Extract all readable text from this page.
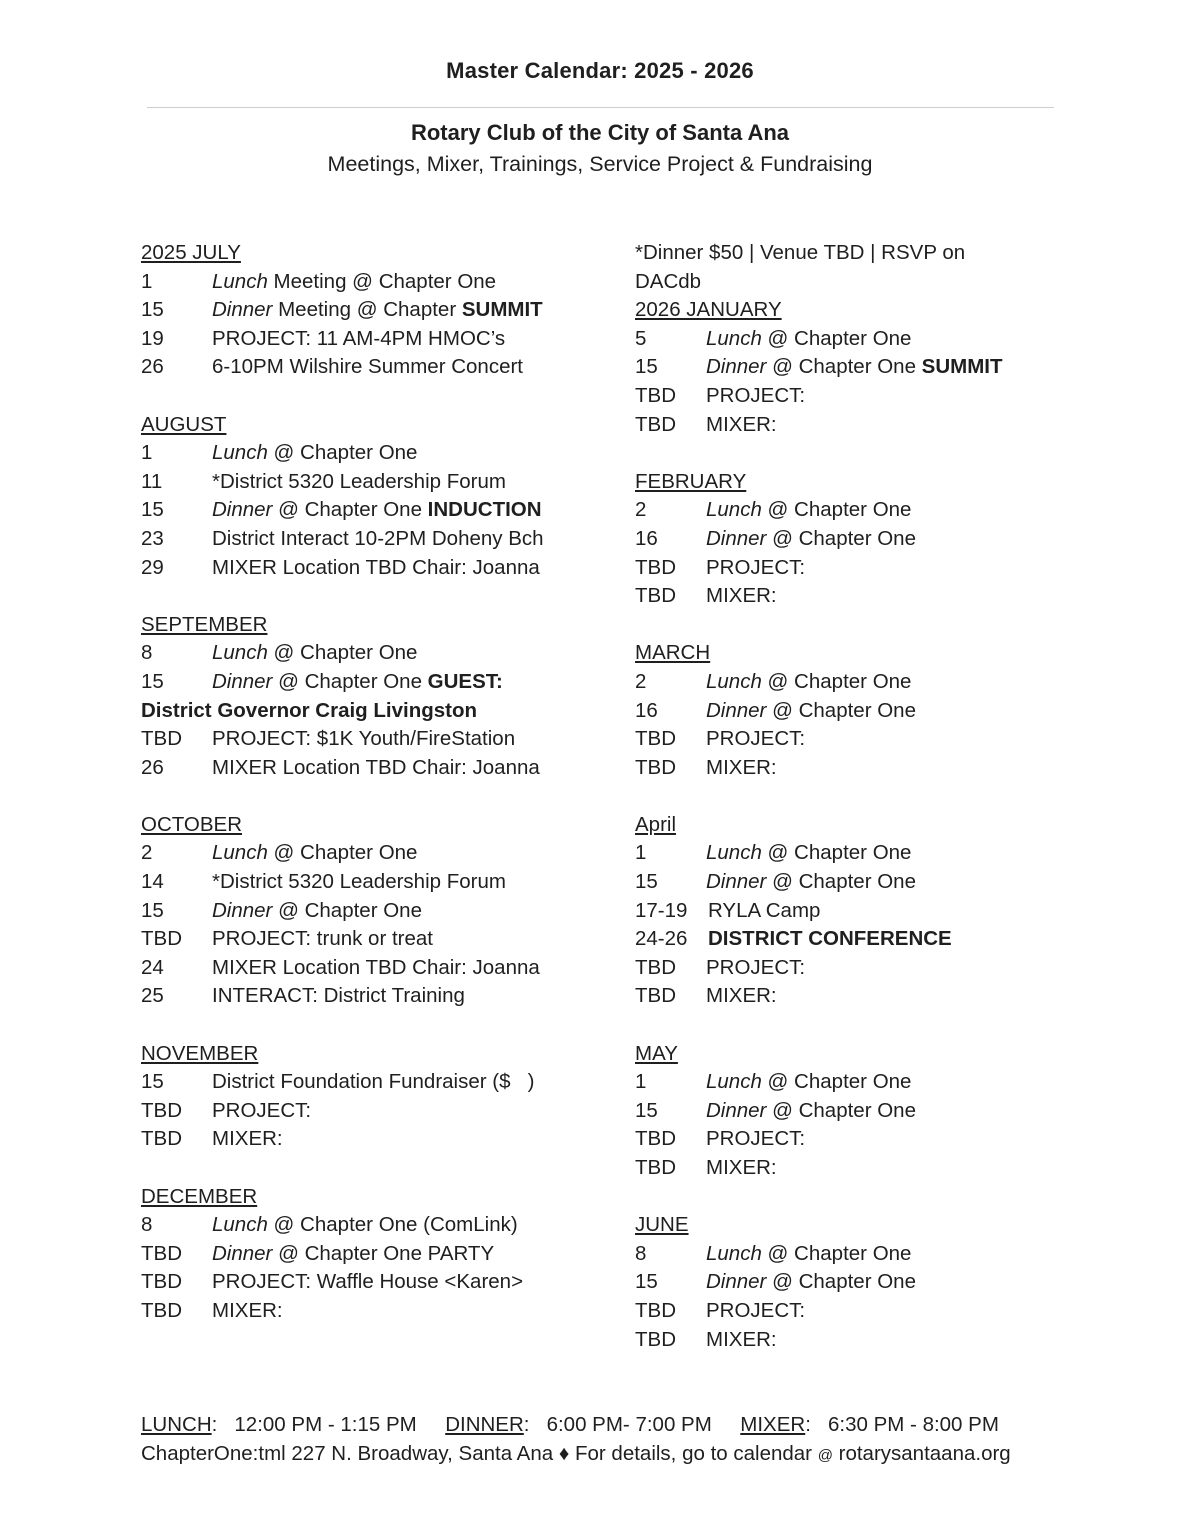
Master Calendar: 2025 - 2026
Rotary Club of the City of Santa Ana
Meetings, Mixer, Trainings, Service Project & Fundraising
2025 JULY
1	Lunch Meeting @ Chapter One
15 Dinner Meeting @ Chapter SUMMIT
19 PROJECT: 11 AM-4PM HMOC’s
26 6-10PM Wilshire Summer Concert
AUGUST
1	Lunch @ Chapter One
11 *District 5320 Leadership Forum
15 Dinner @ Chapter One INDUCTION
23 District Interact 10-2PM Doheny Bch
29 MIXER Location TBD Chair: Joanna
SEPTEMBER
8	Lunch @ Chapter One
15 Dinner @ Chapter One GUEST:
District Governor Craig Livingston
TBD PROJECT: $1K Youth/FireStation
26 MIXER Location TBD Chair: Joanna
OCTOBER
2	Lunch @ Chapter One
14 *District 5320 Leadership Forum
15 Dinner @ Chapter One
TBD PROJECT: trunk or treat
24 MIXER Location TBD Chair: Joanna
25 INTERACT: District Training
NOVEMBER
15 District Foundation Fundraiser ($   )
TBD PROJECT:
TBD MIXER:
DECEMBER
8	Lunch @ Chapter One (ComLink)
TBD Dinner @ Chapter One PARTY
TBD PROJECT: Waffle House <Karen>
TBD MIXER:
*Dinner $50 | Venue TBD | RSVP on
DACdb
2026 JANUARY
5	Lunch @ Chapter One
15 Dinner @ Chapter One SUMMIT
TBD PROJECT:
TBD MIXER:
FEBRUARY
2	Lunch @ Chapter One
16 Dinner @ Chapter One
TBD PROJECT:
TBD MIXER:
MARCH
2	Lunch @ Chapter One
16 Dinner @ Chapter One
TBD PROJECT:
TBD MIXER:
April
1	Lunch @ Chapter One
15 Dinner @ Chapter One
17-19 RYLA Camp
24-26 DISTRICT CONFERENCE
TBD PROJECT:
TBD MIXER:
MAY
1	Lunch @ Chapter One
15 Dinner @ Chapter One
TBD PROJECT:
TBD MIXER:
JUNE
8	Lunch @ Chapter One
15 Dinner @ Chapter One
TBD PROJECT:
TBD MIXER:
LUNCH:   12:00 PM - 1:15 PM     DINNER:   6:00 PM- 7:00 PM     MIXER:   6:30 PM - 8:00 PM
ChapterOne:tml 227 N. Broadway, Santa Ana ♦ For details, go to calendar @ rotarysantaana.org
